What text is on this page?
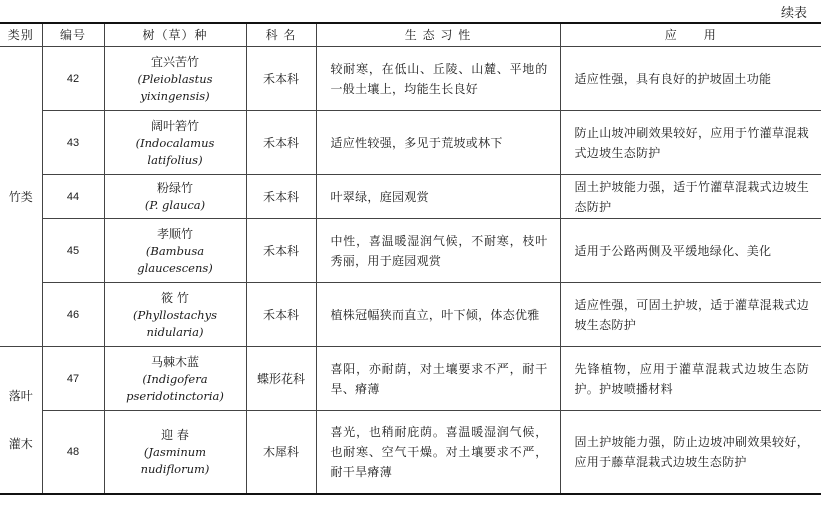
续表
类别	编号	树（草）种	科 名	生 态 习 性	应　　用

竹类	42	宜兴苦竹
(Pleioblastus
yixingensis)	禾本科	较耐寒，在低山、丘陵、山麓、平地的一般土壤上，均能生长良好	适应性强，具有良好的护坡固土功能
	43	阔叶箬竹
(Indocalamus
latifolius)	禾本科	适应性较强，多见于荒坡或林下	防止山坡冲刷效果较好，应用于竹灌草混栽式边坡生态防护
	44	粉绿竹
(P. glauca)	禾本科	叶翠绿，庭园观赏	固土护坡能力强，适于竹灌草混栽式边坡生态防护
	45	孝顺竹
(Bambusa
glaucescens)	禾本科	中性，喜温暖湿润气候，不耐寒，枝叶秀丽，用于庭园观赏	适用于公路两侧及平缓地绿化、美化
	46	筱 竹
(Phyllostachys
nidularia)	禾本科	植株冠幅狭而直立，叶下倾，体态优雅	适应性强，可固土护坡，适于灌草混栽式边坡生态防护

落叶
灌木	47	马棘木蓝
(Indigofera
pseridotinctoria)	蝶形花科	喜阳，亦耐荫，对土壤要求不严，耐干旱、瘠薄	先锋植物，应用于灌草混栽式边坡生态防护。护坡喷播材料
	48	迎 春
(Jasminum
nudiflorum)	木犀科	喜光，也稍耐庇荫。喜温暖湿润气候，也耐寒、空气干燥。对土壤要求不严，耐干旱瘠薄	固土护坡能力强，防止边坡冲刷效果较好，应用于藤草混栽式边坡生态防护
